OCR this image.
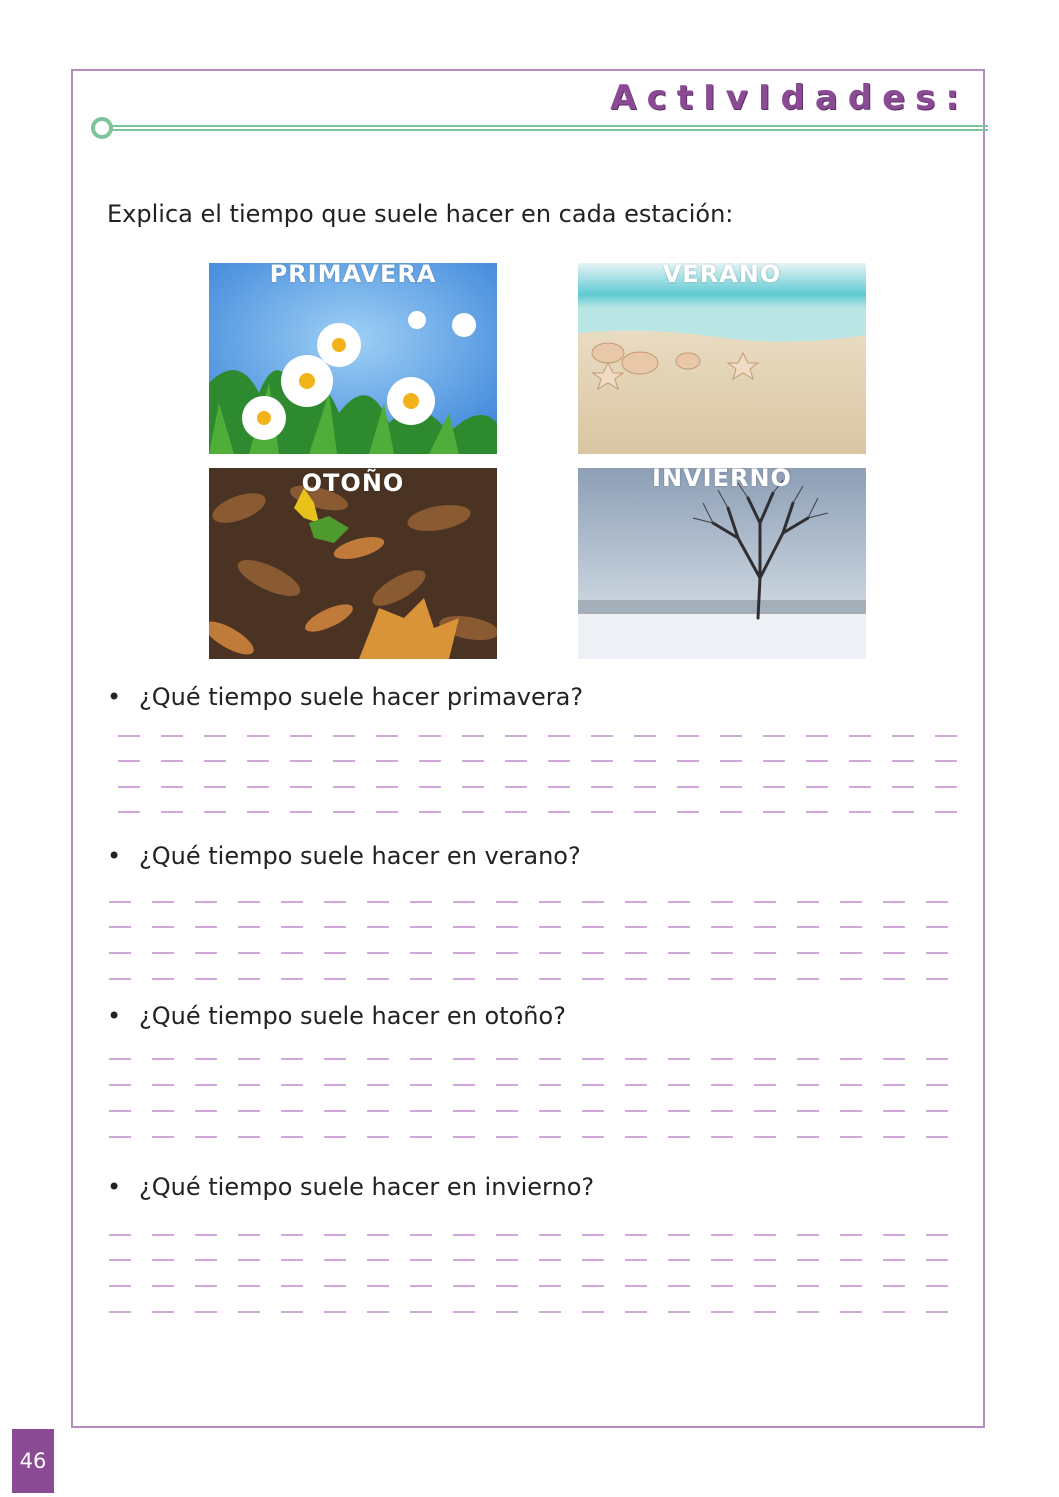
ActIvIdades:
Explica el tiempo que suele hacer en cada estación:
PRIMAVERA	VERANO
OTOÑO	INVIERNO
• ¿Qué tiempo suele hacer primavera?
• ¿Qué tiempo suele hacer en verano?
• ¿Qué tiempo suele hacer en otoño?
• ¿Qué tiempo suele hacer en invierno?
46
